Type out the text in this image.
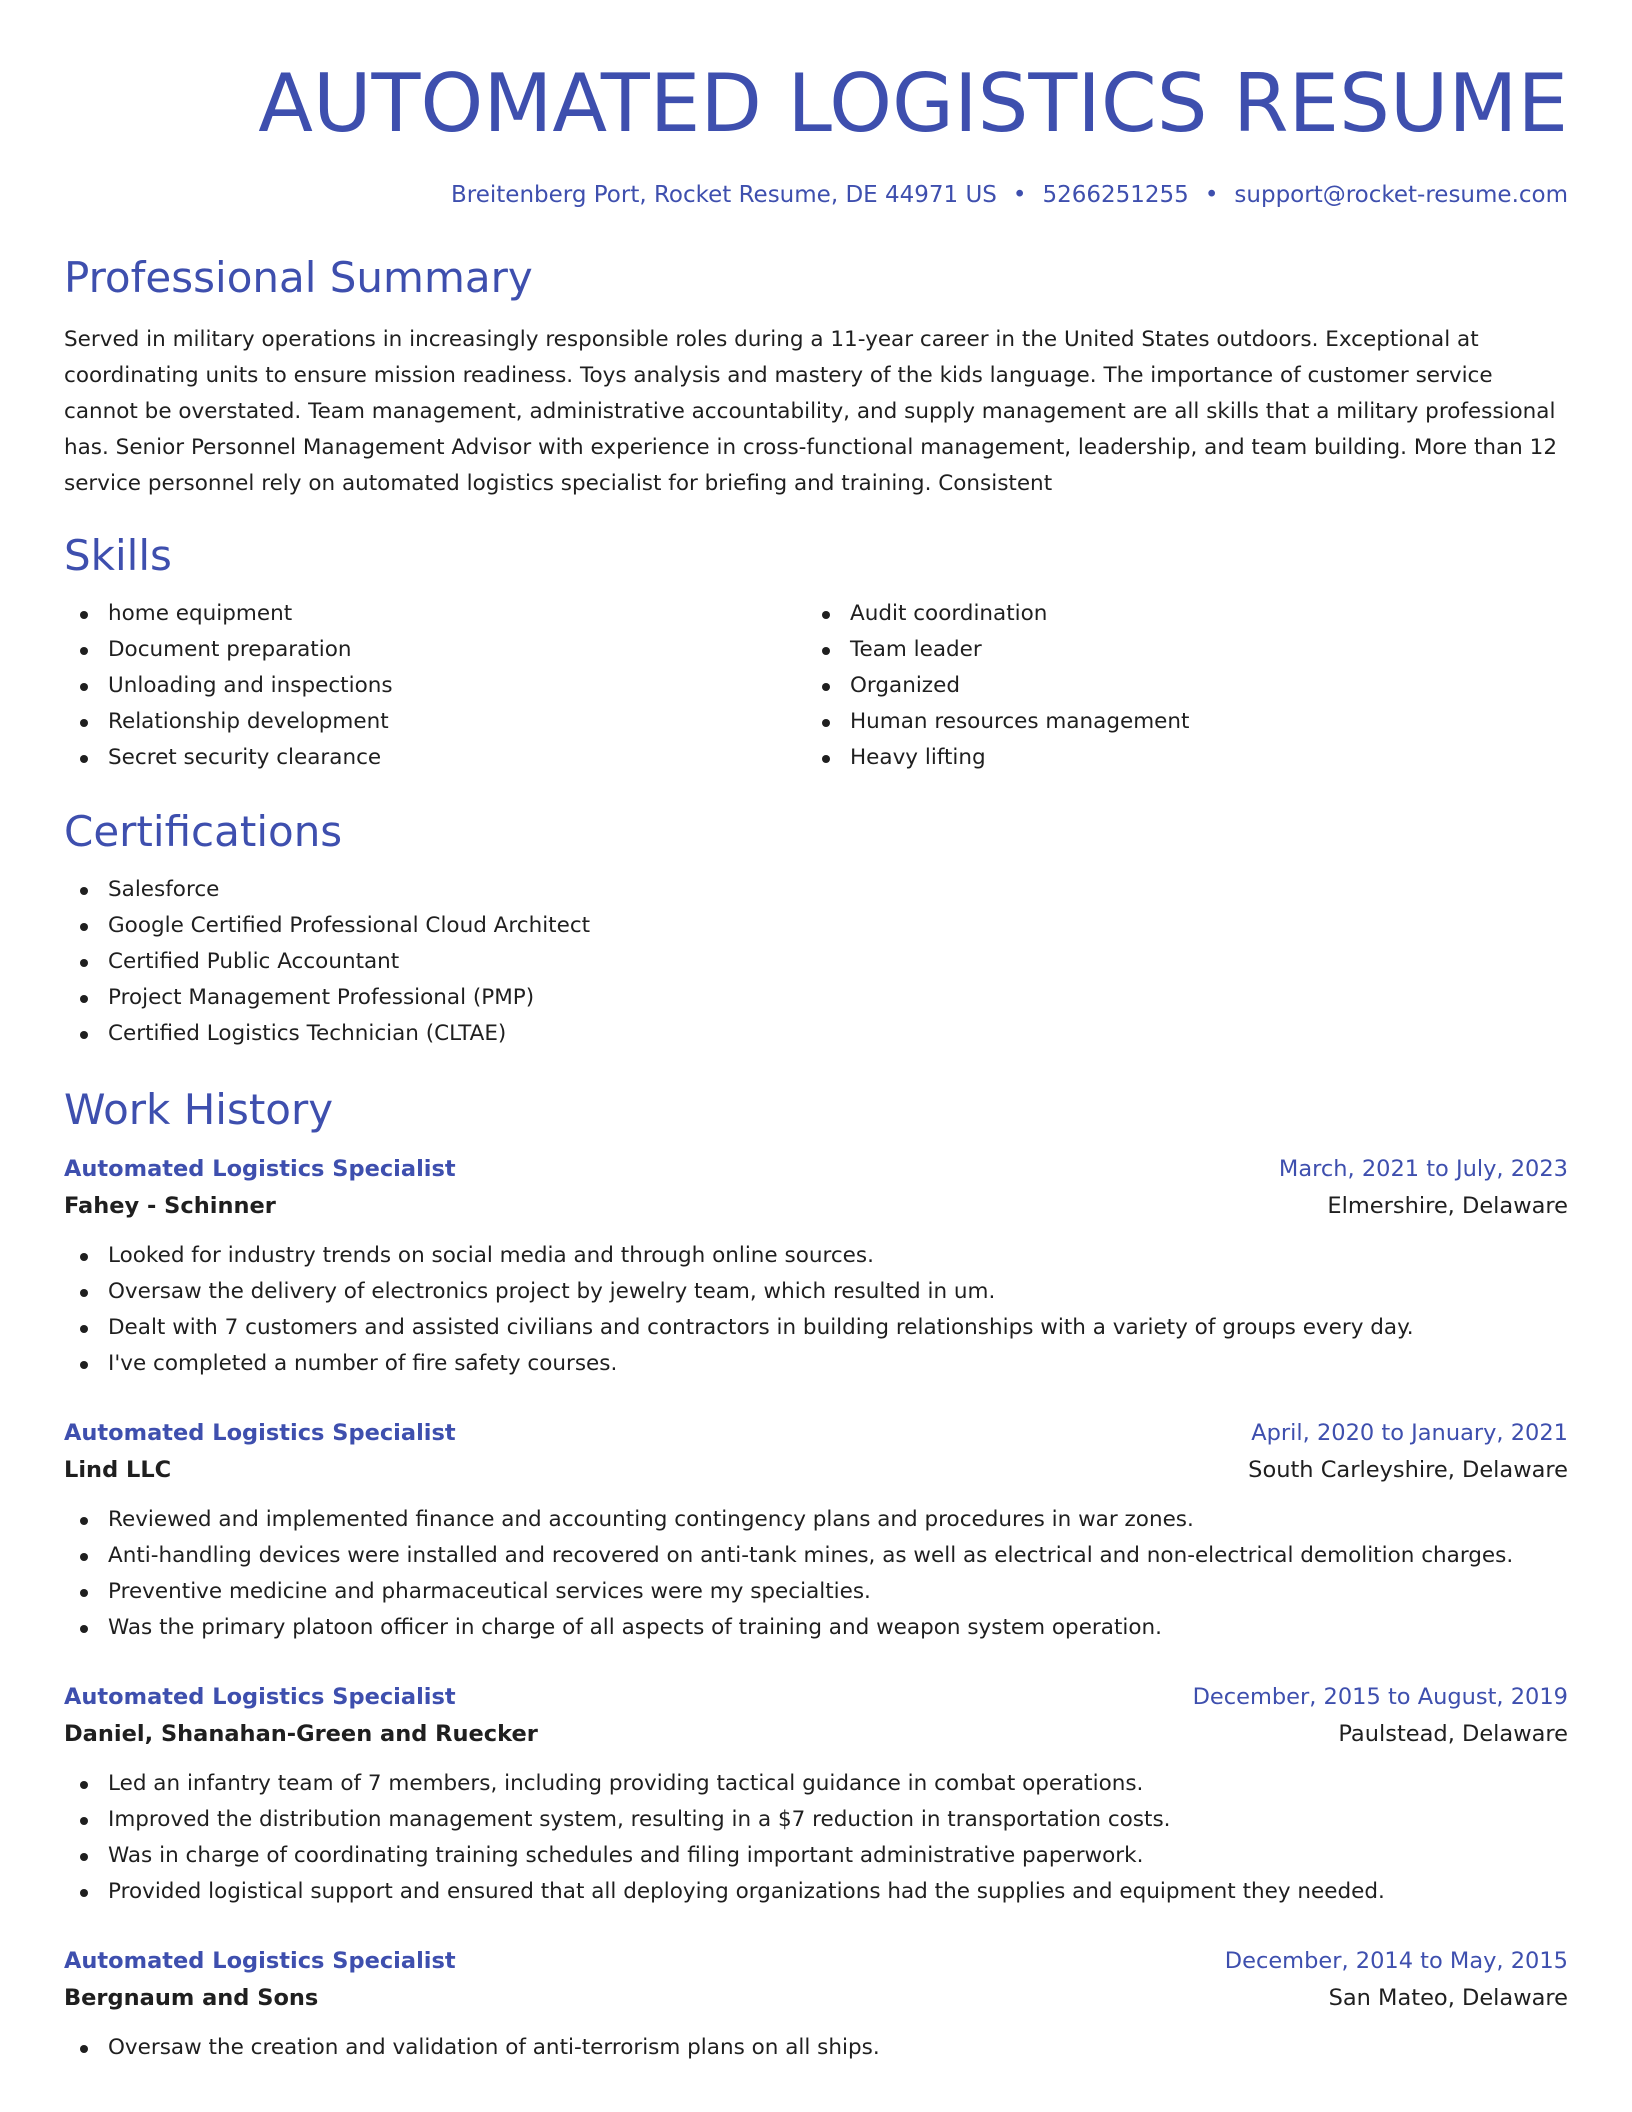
AUTOMATED LOGISTICS RESUME
Breitenberg Port, Rocket Resume, DE 44971 US • 5266251255 • support@rocket-resume.com
Professional Summary

Served in military operations in increasingly responsible roles during a 11-year career in the United States outdoors. Exceptional at coordinating units to ensure mission readiness. Toys analysis and mastery of the kids language. The importance of customer service cannot be overstated. Team management, administrative accountability, and supply management are all skills that a military professional has. Senior Personnel Management Advisor with experience in cross-functional management, leadership, and team building. More than 12 service personnel rely on automated logistics specialist for briefing and training. Consistent

Skills
home equipment
Document preparation
Unloading and inspections
Relationship development
Secret security clearance
Audit coordination
Team leader
Organized
Human resources management
Heavy lifting
Certifications
Salesforce
Google Certified Professional Cloud Architect
Certified Public Accountant
Project Management Professional (PMP)
Certified Logistics Technician (CLTAE)
Work History
Automated Logistics Specialist	March, 2021 to July, 2023
Fahey - Schinner	Elmershire, Delaware
Looked for industry trends on social media and through online sources.
Oversaw the delivery of electronics project by jewelry team, which resulted in um.
Dealt with 7 customers and assisted civilians and contractors in building relationships with a variety of groups every day.
I've completed a number of fire safety courses.
Automated Logistics Specialist	April, 2020 to January, 2021
Lind LLC	South Carleyshire, Delaware
Reviewed and implemented finance and accounting contingency plans and procedures in war zones.
Anti-handling devices were installed and recovered on anti-tank mines, as well as electrical and non-electrical demolition charges.
Preventive medicine and pharmaceutical services were my specialties.
Was the primary platoon officer in charge of all aspects of training and weapon system operation.
Automated Logistics Specialist	December, 2015 to August, 2019
Daniel, Shanahan-Green and Ruecker	Paulstead, Delaware
Led an infantry team of 7 members, including providing tactical guidance in combat operations.
Improved the distribution management system, resulting in a $7 reduction in transportation costs.
Was in charge of coordinating training schedules and filing important administrative paperwork.
Provided logistical support and ensured that all deploying organizations had the supplies and equipment they needed.
Automated Logistics Specialist	December, 2014 to May, 2015
Bergnaum and Sons	San Mateo, Delaware
Oversaw the creation and validation of anti-terrorism plans on all ships.
